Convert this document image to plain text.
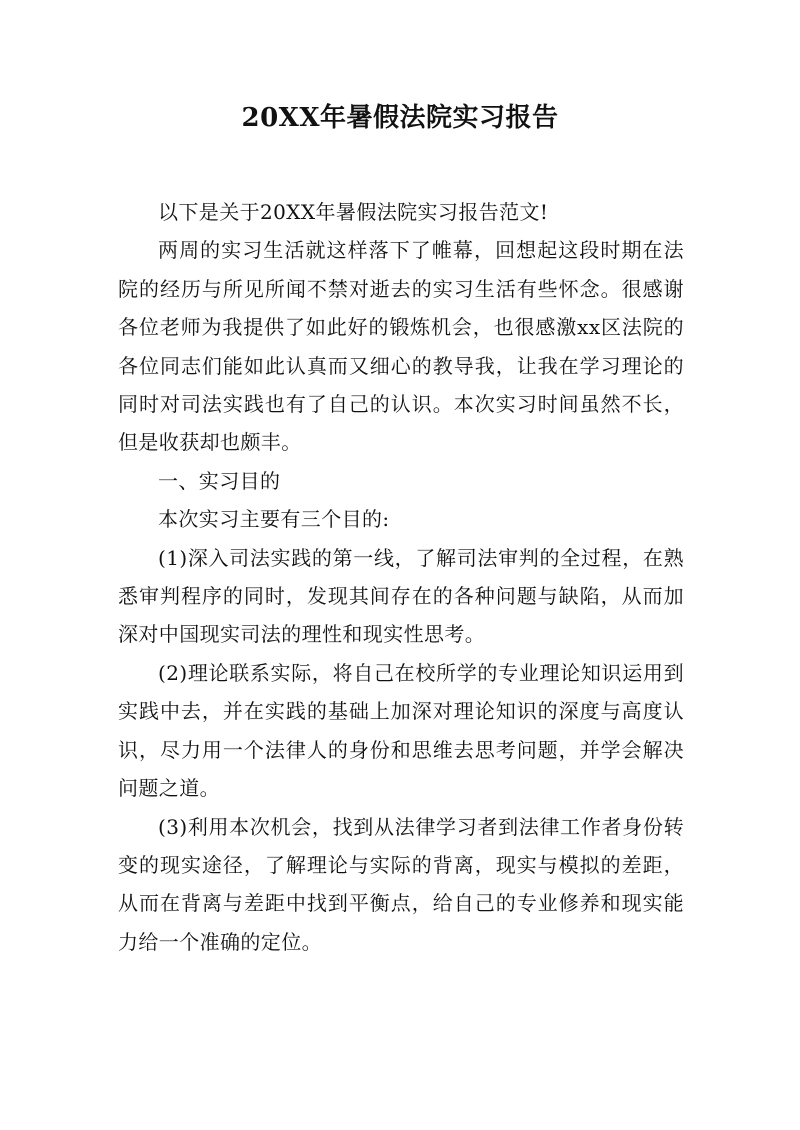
20XX年暑假法院实习报告

以下是关于20XX年暑假法院实习报告范文!

两周的实习生活就这样落下了帷幕，回想起这段时期在法院的经历与所见所闻不禁对逝去的实习生活有些怀念。很感谢各位老师为我提供了如此好的锻炼机会，也很感激xx区法院的各位同志们能如此认真而又细心的教导我，让我在学习理论的同时对司法实践也有了自己的认识。本次实习时间虽然不长，但是收获却也颇丰。

一、实习目的

本次实习主要有三个目的:

(1)深入司法实践的第一线，了解司法审判的全过程，在熟悉审判程序的同时，发现其间存在的各种问题与缺陷，从而加深对中国现实司法的理性和现实性思考。

(2)理论联系实际，将自己在校所学的专业理论知识运用到实践中去，并在实践的基础上加深对理论知识的深度与高度认识，尽力用一个法律人的身份和思维去思考问题，并学会解决问题之道。

(3)利用本次机会，找到从法律学习者到法律工作者身份转变的现实途径，了解理论与实际的背离，现实与模拟的差距，从而在背离与差距中找到平衡点，给自己的专业修养和现实能力给一个准确的定位。
